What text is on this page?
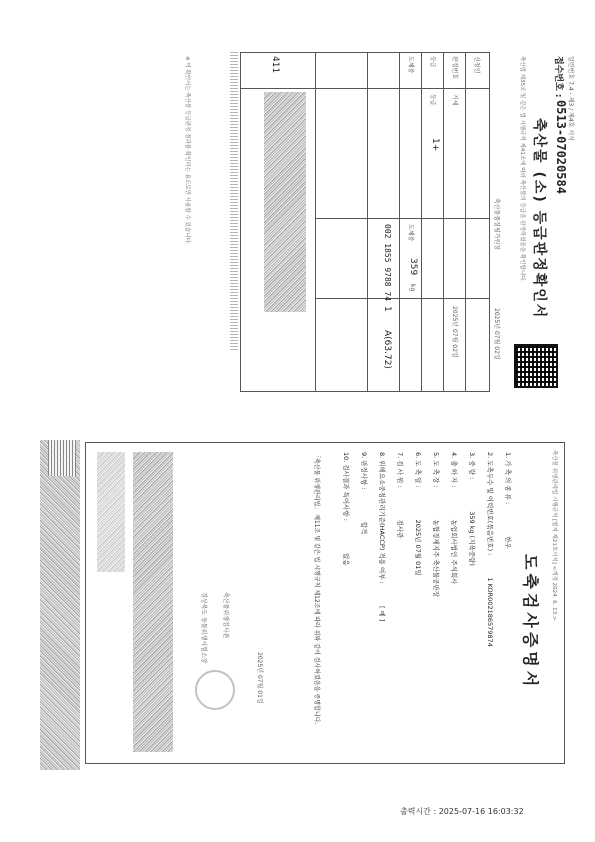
일련번호 7.4 - 제3 / 제4호 서식
접수번호 :
0513-07020584
축산물 (소) 등급판정확인서
축산법 제35조 및 같은 법 시행규칙 제41조에 따라 축산물의 등급을 판정하였음을 확인합니다.
축산물품질평가원장
2025년 07월 02일
신청인
판정번호
등급
도체중
거세
등급
1+
002 1855 9788 74	도체중
359
kg
1
A(63.72)	2025년 07월 02일
411
※ 이 확인서는 축산물 등급판정 결과를 확인하는 용도로만 사용할 수 있습니다.
축산물 위생관리법 시행규칙 [별지 제21호서식] <개정 2024. 6. 13.>
도축검사증명서
1. 가 축 의 종 류 : 한우
2. 도축두수 및 이력번호(묶음번호) : 1 KOR002186579874
3. 중 량 : 359 kg (지육중량)
4. 출 하 자 : 농업회사법인 주식회사
5. 도 축 장 : 농협경제지주 축산물공판장
6. 도 축 일 : 2025년 07월 01일
7. 검 사 원 : 검사관
8. 위해요소중점관리기준(HACCP) 적용 여부 : [ 예 ]
9. 판정사항 : 합격
10. 검사결과 특이사항 : 없음
「축산물 위생관리법」 제11조 및 같은 법 시행규칙 제12조에 따라 위와 같이 검사하였음을 증명합니다.
2025년 07월 01일
축산물위생검사관
경상북도 동물위생시험소장
출력시간 : 2025-07-16 16:03:32
